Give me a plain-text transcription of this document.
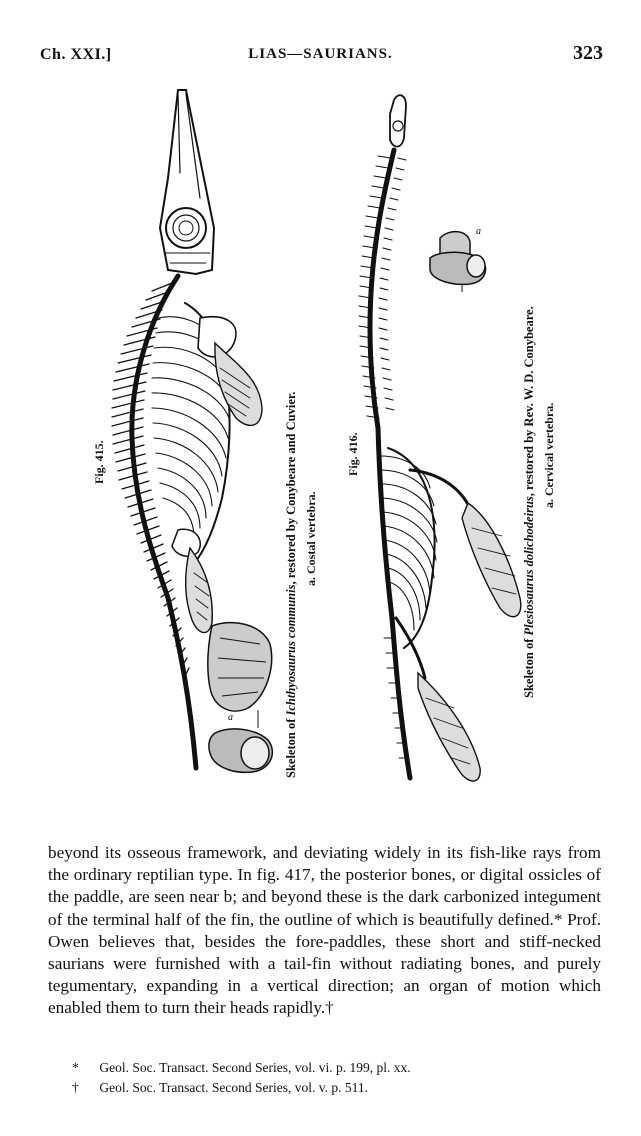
Ch. XXI.]	LIAS—SAURIANS.	323
Fig. 415.
Skeleton of Ichthyosaurus communis, restored by Conybeare and Cuvier. a. Costal vertebra.
a
Fig. 416.
Skeleton of Plesiosaurus dolichodeirus, restored by Rev. W. D. Conybeare. a. Cervical vertebra.
a

beyond its osseous framework, and deviating widely in its fish-like rays from the ordinary reptilian type. In fig. 417, the posterior bones, or digital ossicles of the paddle, are seen near b; and beyond these is the dark carbonized integument of the terminal half of the fin, the outline of which is beautifully defined.* Prof. Owen believes that, besides the fore-paddles, these short and stiff-necked saurians were furnished with a tail-fin without radiating bones, and purely tegumentary, expanding in a vertical direction; an organ of motion which enabled them to turn their heads rapidly.†

* Geol. Soc. Transact. Second Series, vol. vi. p. 199, pl. xx.

† Geol. Soc. Transact. Second Series, vol. v. p. 511.
